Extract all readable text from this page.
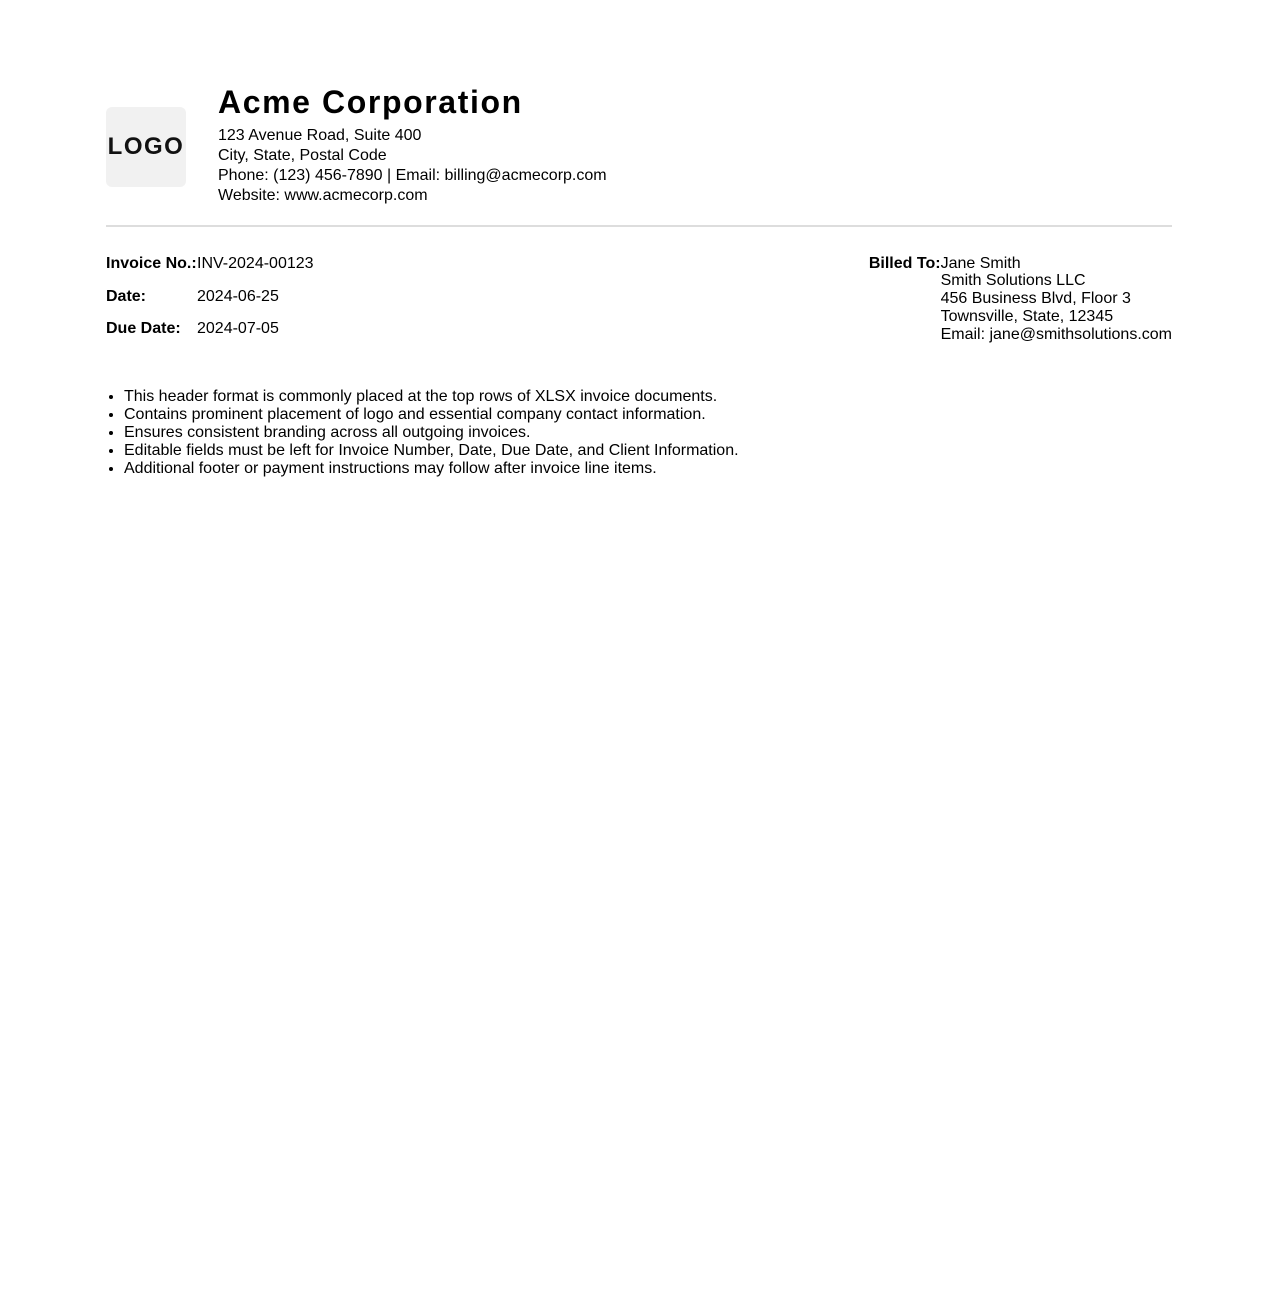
LOGO
Acme Corporation
123 Avenue Road, Suite 400
City, State, Postal Code
Phone: (123) 456-7890 | Email: billing@acmecorp.com
Website: www.acmecorp.com
Invoice No.: INV-2024-00123
Date:	2024-06-25
Due Date:	2024-07-05
Billed To: Jane Smith
Smith Solutions LLC
456 Business Blvd, Floor 3
Townsville, State, 12345
Email: jane@smithsolutions.com
• This header format is commonly placed at the top rows of XLSX invoice documents.
• Contains prominent placement of logo and essential company contact information.
• Ensures consistent branding across all outgoing invoices.
• Editable fields must be left for Invoice Number, Date, Due Date, and Client Information.
• Additional footer or payment instructions may follow after invoice line items.
